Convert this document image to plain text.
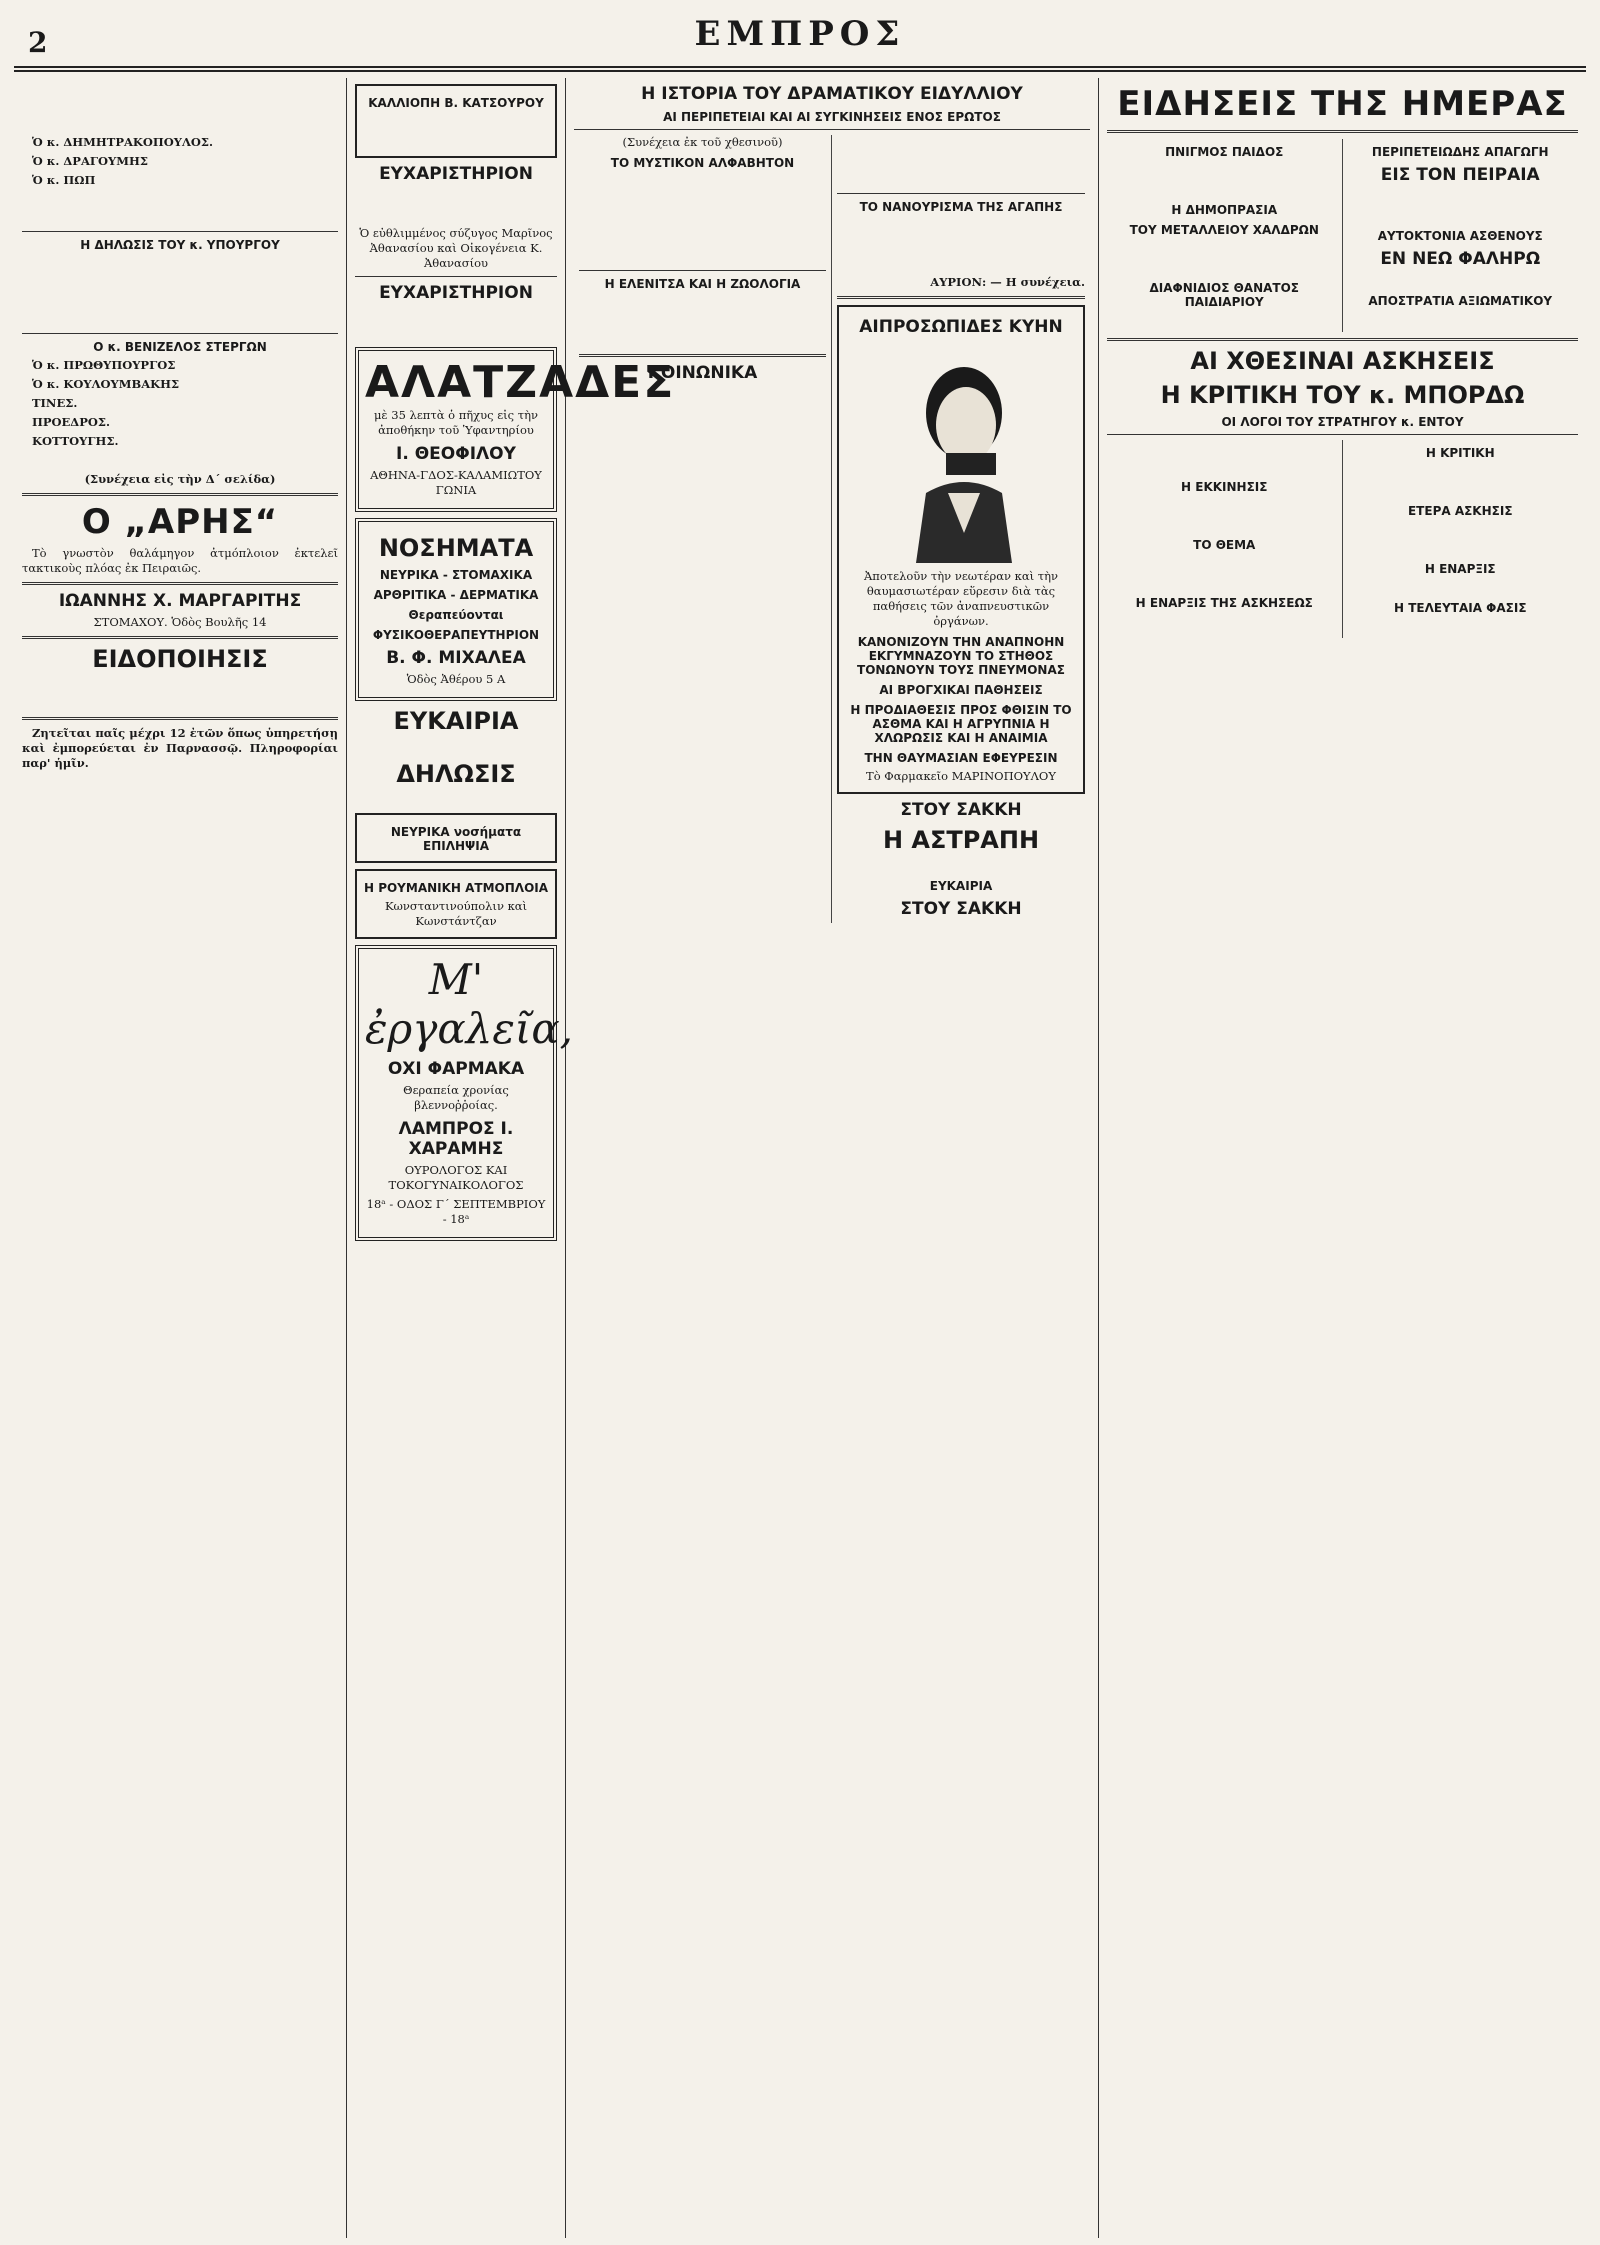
2	ΕΜΠΡΟΣ

Ὁ κ. ΔΗΜΗΤΡΑΚΟΠΟΥΛΟΣ.

Ὁ κ. ΔΡΑΓΟΥΜΗΣ

Ὁ κ. ΠΩΠ

Η ΔΗΛΩΣΙΣ ΤΟΥ κ. ΥΠΟΥΡΓΟΥ

Ο κ. ΒΕΝΙΖΕΛΟΣ ΣΤΕΡΓΩΝ

Ὁ κ. ΠΡΩΘΥΠΟΥΡΓΟΣ

Ὁ κ. ΚΟΥΛΟΥΜΒΑΚΗΣ

ΤΙΝΕΣ.

ΠΡΟΕΔΡΟΣ.

ΚΟΤΤΟΥΓΗΣ.

(Συνέχεια εἰς τὴν Δ΄ σελίδα)

Ο „ΑΡΗΣ“

Τὸ γνωστὸν θαλάμηγον ἀτμόπλοιον ἐκτελεῖ τακτικοὺς πλόας ἐκ Πειραιῶς.

ΙΩΑΝΝΗΣ Χ. ΜΑΡΓΑΡΙΤΗΣ

ΣΤΟΜΑΧΟΥ. Ὁδὸς Βουλῆς 14

ΕΙΔΟΠΟΙΗΣΙΣ

Ζητεῖται παῖς μέχρι 12 ἐτῶν ὅπως ὑπηρετήσῃ καὶ ἐμπορεύεται ἐν Παρνασσῷ. Πληροφορίαι παρ' ἡμῖν.

ΚΑΛΛΙΟΠΗ Β. ΚΑΤΣΟΥΡΟΥ

ΕΥΧΑΡΙΣΤΗΡΙΟΝ

Ὁ εὐθλιμμένος σύζυγος Μαρῖνος Ἀθανασίου καὶ Οἰκογένεια Κ. Ἀθανασίου

ΕΥΧΑΡΙΣΤΗΡΙΟΝ

ΑΛΑΤΖΑΔΕΣ

μὲ 35 λεπτὰ ὁ πῆχυς εἰς τὴν ἀποθήκην τοῦ Ὑφαντηρίου

Ι. ΘΕΟΦΙΛΟΥ

ΑΘΗΝΑ-ΓΔΟΣ-ΚΑΛΑΜΙΩΤΟΥ ΓΩΝΙΑ

ΝΟΣΗΜΑΤΑ
ΝΕΥΡΙΚΑ - ΣΤΟΜΑΧΙΚΑ
ΑΡΘΡΙΤΙΚΑ - ΔΕΡΜΑΤΙΚΑ
Θεραπεύονται
ΦΥΣΙΚΟΘΕΡΑΠΕΥΤΗΡΙΟΝ
Β. Φ. ΜΙΧΑΛΕΑ

Ὁδὸς Ἀθέρου 5 Α

ΕΥΚΑΙΡΙΑ

ΔΗΛΩΣΙΣ

ΝΕΥΡΙΚΑ νοσήματα ΕΠΙΛΗΨΙΑ
Η ΡΟΥΜΑΝΙΚΗ ΑΤΜΟΠΛΟΙΑ

Κωνσταντινούπολιν καὶ Κωνστάντζαν

Μ' ἐργαλεῖα,
ΟΧΙ ΦΑΡΜΑΚΑ

Θεραπεία χρονίας βλεννοῤῥοίας.

ΛΑΜΠΡΟΣ Ι. ΧΑΡΑΜΗΣ

ΟΥΡΟΛΟΓΟΣ ΚΑΙ ΤΟΚΟΓΥΝΑΙΚΟΛΟΓΟΣ

18ᵃ - ΟΔΟΣ Γ΄ ΣΕΠΤΕΜΒΡΙΟΥ - 18ᵃ

Η ΙΣΤΟΡΙΑ ΤΟΥ ΔΡΑΜΑΤΙΚΟΥ ΕΙΔΥΛΛΙΟΥ
ΑΙ ΠΕΡΙΠΕΤΕΙΑΙ ΚΑΙ ΑΙ ΣΥΓΚΙΝΗΣΕΙΣ ΕΝΟΣ ΕΡΩΤΟΣ

(Συνέχεια ἐκ τοῦ χθεσινοῦ)

ΤΟ ΜΥΣΤΙΚΟΝ ΑΛΦΑΒΗΤΟΝ

Η ΕΛΕΝΙΤΣΑ ΚΑΙ Η ΖΩΟΛΟΓΙΑ

ΚΟΙΝΩΝΙΚΑ

ΤΟ ΝΑΝΟΥΡΙΣΜΑ ΤΗΣ ΑΓΑΠΗΣ

ΑΥΡΙΟΝ: — Η συνέχεια.

ΑΙΠΡΟΣΩΠΙΔΕΣ ΚΥΗΝ

Ἀποτελοῦν τὴν νεωτέραν καὶ τὴν θαυμασιωτέραν εὕρεσιν διὰ τὰς παθήσεις τῶν ἀναπνευστικῶν ὀργάνων.

ΚΑΝΟΝΙΖΟΥΝ ΤΗΝ ΑΝΑΠΝΟΗΝ ΕΚΓΥΜΝΑΖΟΥΝ ΤΟ ΣΤΗΘΟΣ ΤΟΝΩΝΟΥΝ ΤΟΥΣ ΠΝΕΥΜΟΝΑΣ
ΑΙ ΒΡΟΓΧΙΚΑΙ ΠΑΘΗΣΕΙΣ
Η ΠΡΟΔΙΑΘΕΣΙΣ ΠΡΟΣ ΦΘΙΣΙΝ ΤΟ ΑΣΘΜΑ ΚΑΙ Η ΑΓΡΥΠΝΙΑ Η ΧΛΩΡΩΣΙΣ ΚΑΙ Η ΑΝΑΙΜΙΑ
ΤΗΝ ΘΑΥΜΑΣΙΑΝ ΕΦΕΥΡΕΣΙΝ

Τὸ Φαρμακεῖο ΜΑΡΙΝΟΠΟΥΛΟΥ

ΣΤΟΥ ΣΑΚΚΗ
Η ΑΣΤΡΑΠΗ

ΕΥΚΑΙΡΙΑ
ΣΤΟΥ ΣΑΚΚΗ
ΕΙΔΗΣΕΙΣ ΤΗΣ ΗΜΕΡΑΣ
ΠΝΙΓΜΟΣ ΠΑΙΔΟΣ

Η ΔΗΜΟΠΡΑΣΙΑ
ΤΟΥ ΜΕΤΑΛΛΕΙΟΥ ΧΑΛΔΡΩΝ

ΔΙΑΦΝΙΔΙΟΣ ΘΑΝΑΤΟΣ ΠΑΙΔΙΑΡΙΟΥ

ΠΕΡΙΠΕΤΕΙΩΔΗΣ ΑΠΑΓΩΓΗ
ΕΙΣ ΤΟΝ ΠΕΙΡΑΙΑ

ΑΥΤΟΚΤΟΝΙΑ ΑΣΘΕΝΟΥΣ
ΕΝ ΝΕΩ ΦΑΛΗΡΩ

ΑΠΟΣΤΡΑΤΙΑ ΑΞΙΩΜΑΤΙΚΟΥ

ΑΙ ΧΘΕΣΙΝΑΙ ΑΣΚΗΣΕΙΣ
Η ΚΡΙΤΙΚΗ ΤΟΥ κ. ΜΠΟΡΔΩ
ΟΙ ΛΟΓΟΙ ΤΟΥ ΣΤΡΑΤΗΓΟΥ κ. ΕΝΤΟΥ

Η ΕΚΚΙΝΗΣΙΣ

ΤΟ ΘΕΜΑ

Η ΕΝΑΡΞΙΣ ΤΗΣ ΑΣΚΗΣΕΩΣ

Η ΚΡΙΤΙΚΗ

ΕΤΕΡΑ ΑΣΚΗΣΙΣ

Η ΕΝΑΡΞΙΣ

Η ΤΕΛΕΥΤΑΙΑ ΦΑΣΙΣ
